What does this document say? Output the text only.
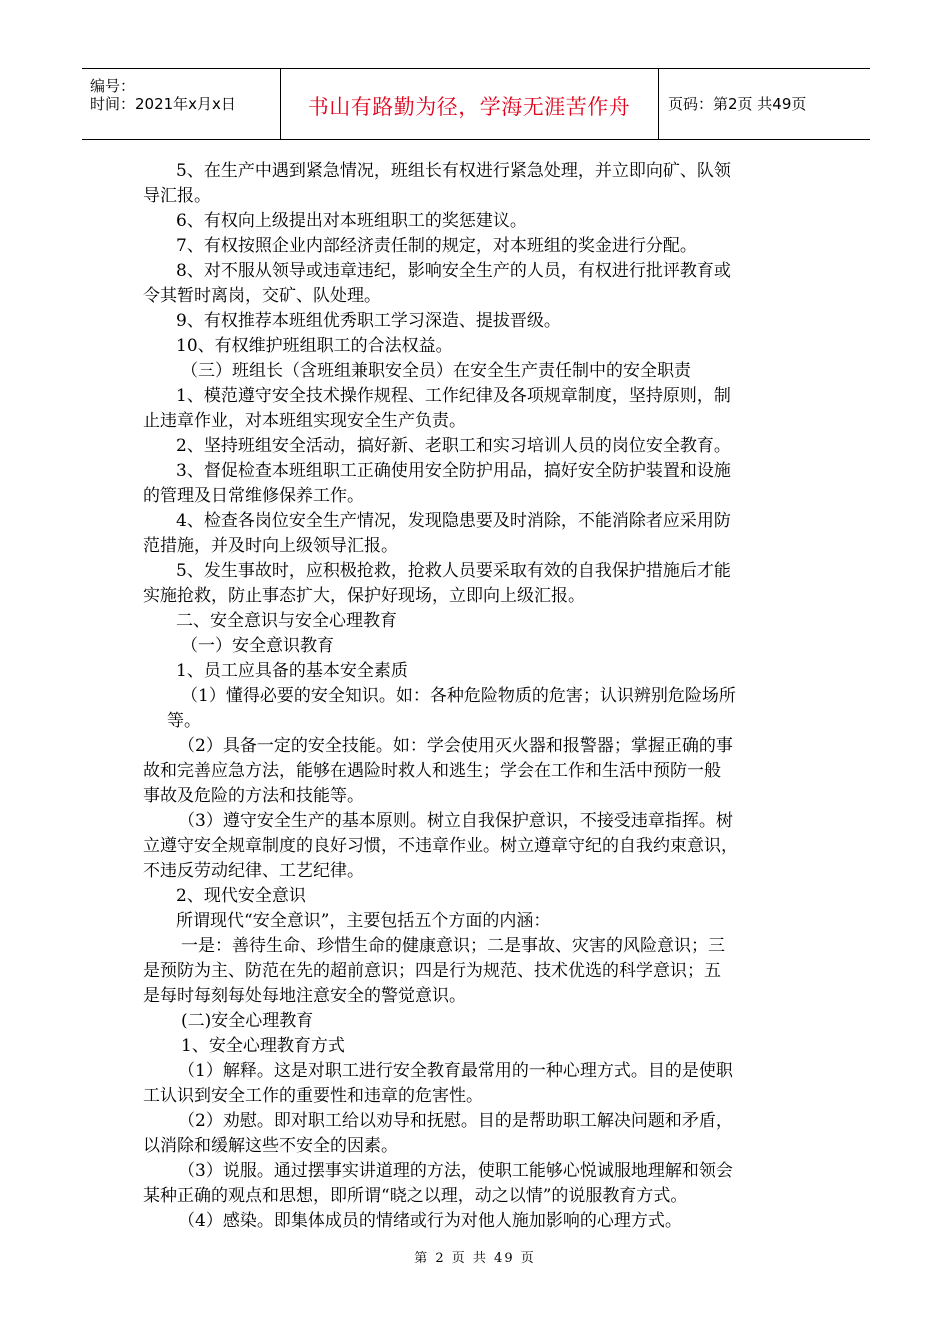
编号：
时间：2021年x月x日	书山有路勤为径，学海无涯苦作舟	页码：第2页 共49页

5、在生产中遇到紧急情况，班组长有权进行紧急处理，并立即向矿、队领

导汇报。

6、有权向上级提出对本班组职工的奖惩建议。

7、有权按照企业内部经济责任制的规定，对本班组的奖金进行分配。

8、对不服从领导或违章违纪，影响安全生产的人员，有权进行批评教育或

令其暂时离岗，交矿、队处理。

9、有权推荐本班组优秀职工学习深造、提拔晋级。

10、有权维护班组职工的合法权益。

（三）班组长（含班组兼职安全员）在安全生产责任制中的安全职责

1、模范遵守安全技术操作规程、工作纪律及各项规章制度，坚持原则，制

止违章作业，对本班组实现安全生产负责。

2、坚持班组安全活动，搞好新、老职工和实习培训人员的岗位安全教育。

3、督促检查本班组职工正确使用安全防护用品，搞好安全防护装置和设施

的管理及日常维修保养工作。

4、检查各岗位安全生产情况，发现隐患要及时消除，不能消除者应采用防

范措施，并及时向上级领导汇报。

5、发生事故时，应积极抢救，抢救人员要采取有效的自我保护措施后才能

实施抢救，防止事态扩大，保护好现场，立即向上级汇报。

二、安全意识与安全心理教育

（一）安全意识教育

1、员工应具备的基本安全素质

（1）懂得必要的安全知识。如：各种危险物质的危害；认识辨别危险场所

等。

（2）具备一定的安全技能。如：学会使用灭火器和报警器；掌握正确的事

故和完善应急方法，能够在遇险时救人和逃生；学会在工作和生活中预防一般

事故及危险的方法和技能等。

（3）遵守安全生产的基本原则。树立自我保护意识，不接受违章指挥。树

立遵守安全规章制度的良好习惯，不违章作业。树立遵章守纪的自我约束意识，

不违反劳动纪律、工艺纪律。

2、现代安全意识

所谓现代“安全意识”，主要包括五个方面的内涵：

一是：善待生命、珍惜生命的健康意识；二是事故、灾害的风险意识；三

是预防为主、防范在先的超前意识；四是行为规范、技术优选的科学意识；五

是每时每刻每处每地注意安全的警觉意识。

(二)安全心理教育

1、安全心理教育方式

（1）解释。这是对职工进行安全教育最常用的一种心理方式。目的是使职

工认识到安全工作的重要性和违章的危害性。

（2）劝慰。即对职工给以劝导和抚慰。目的是帮助职工解决问题和矛盾，

以消除和缓解这些不安全的因素。

（3）说服。通过摆事实讲道理的方法，使职工能够心悦诚服地理解和领会

某种正确的观点和思想，即所谓“晓之以理，动之以情”的说服教育方式。

（4）感染。即集体成员的情绪或行为对他人施加影响的心理方式。

第 2 页 共 49 页
